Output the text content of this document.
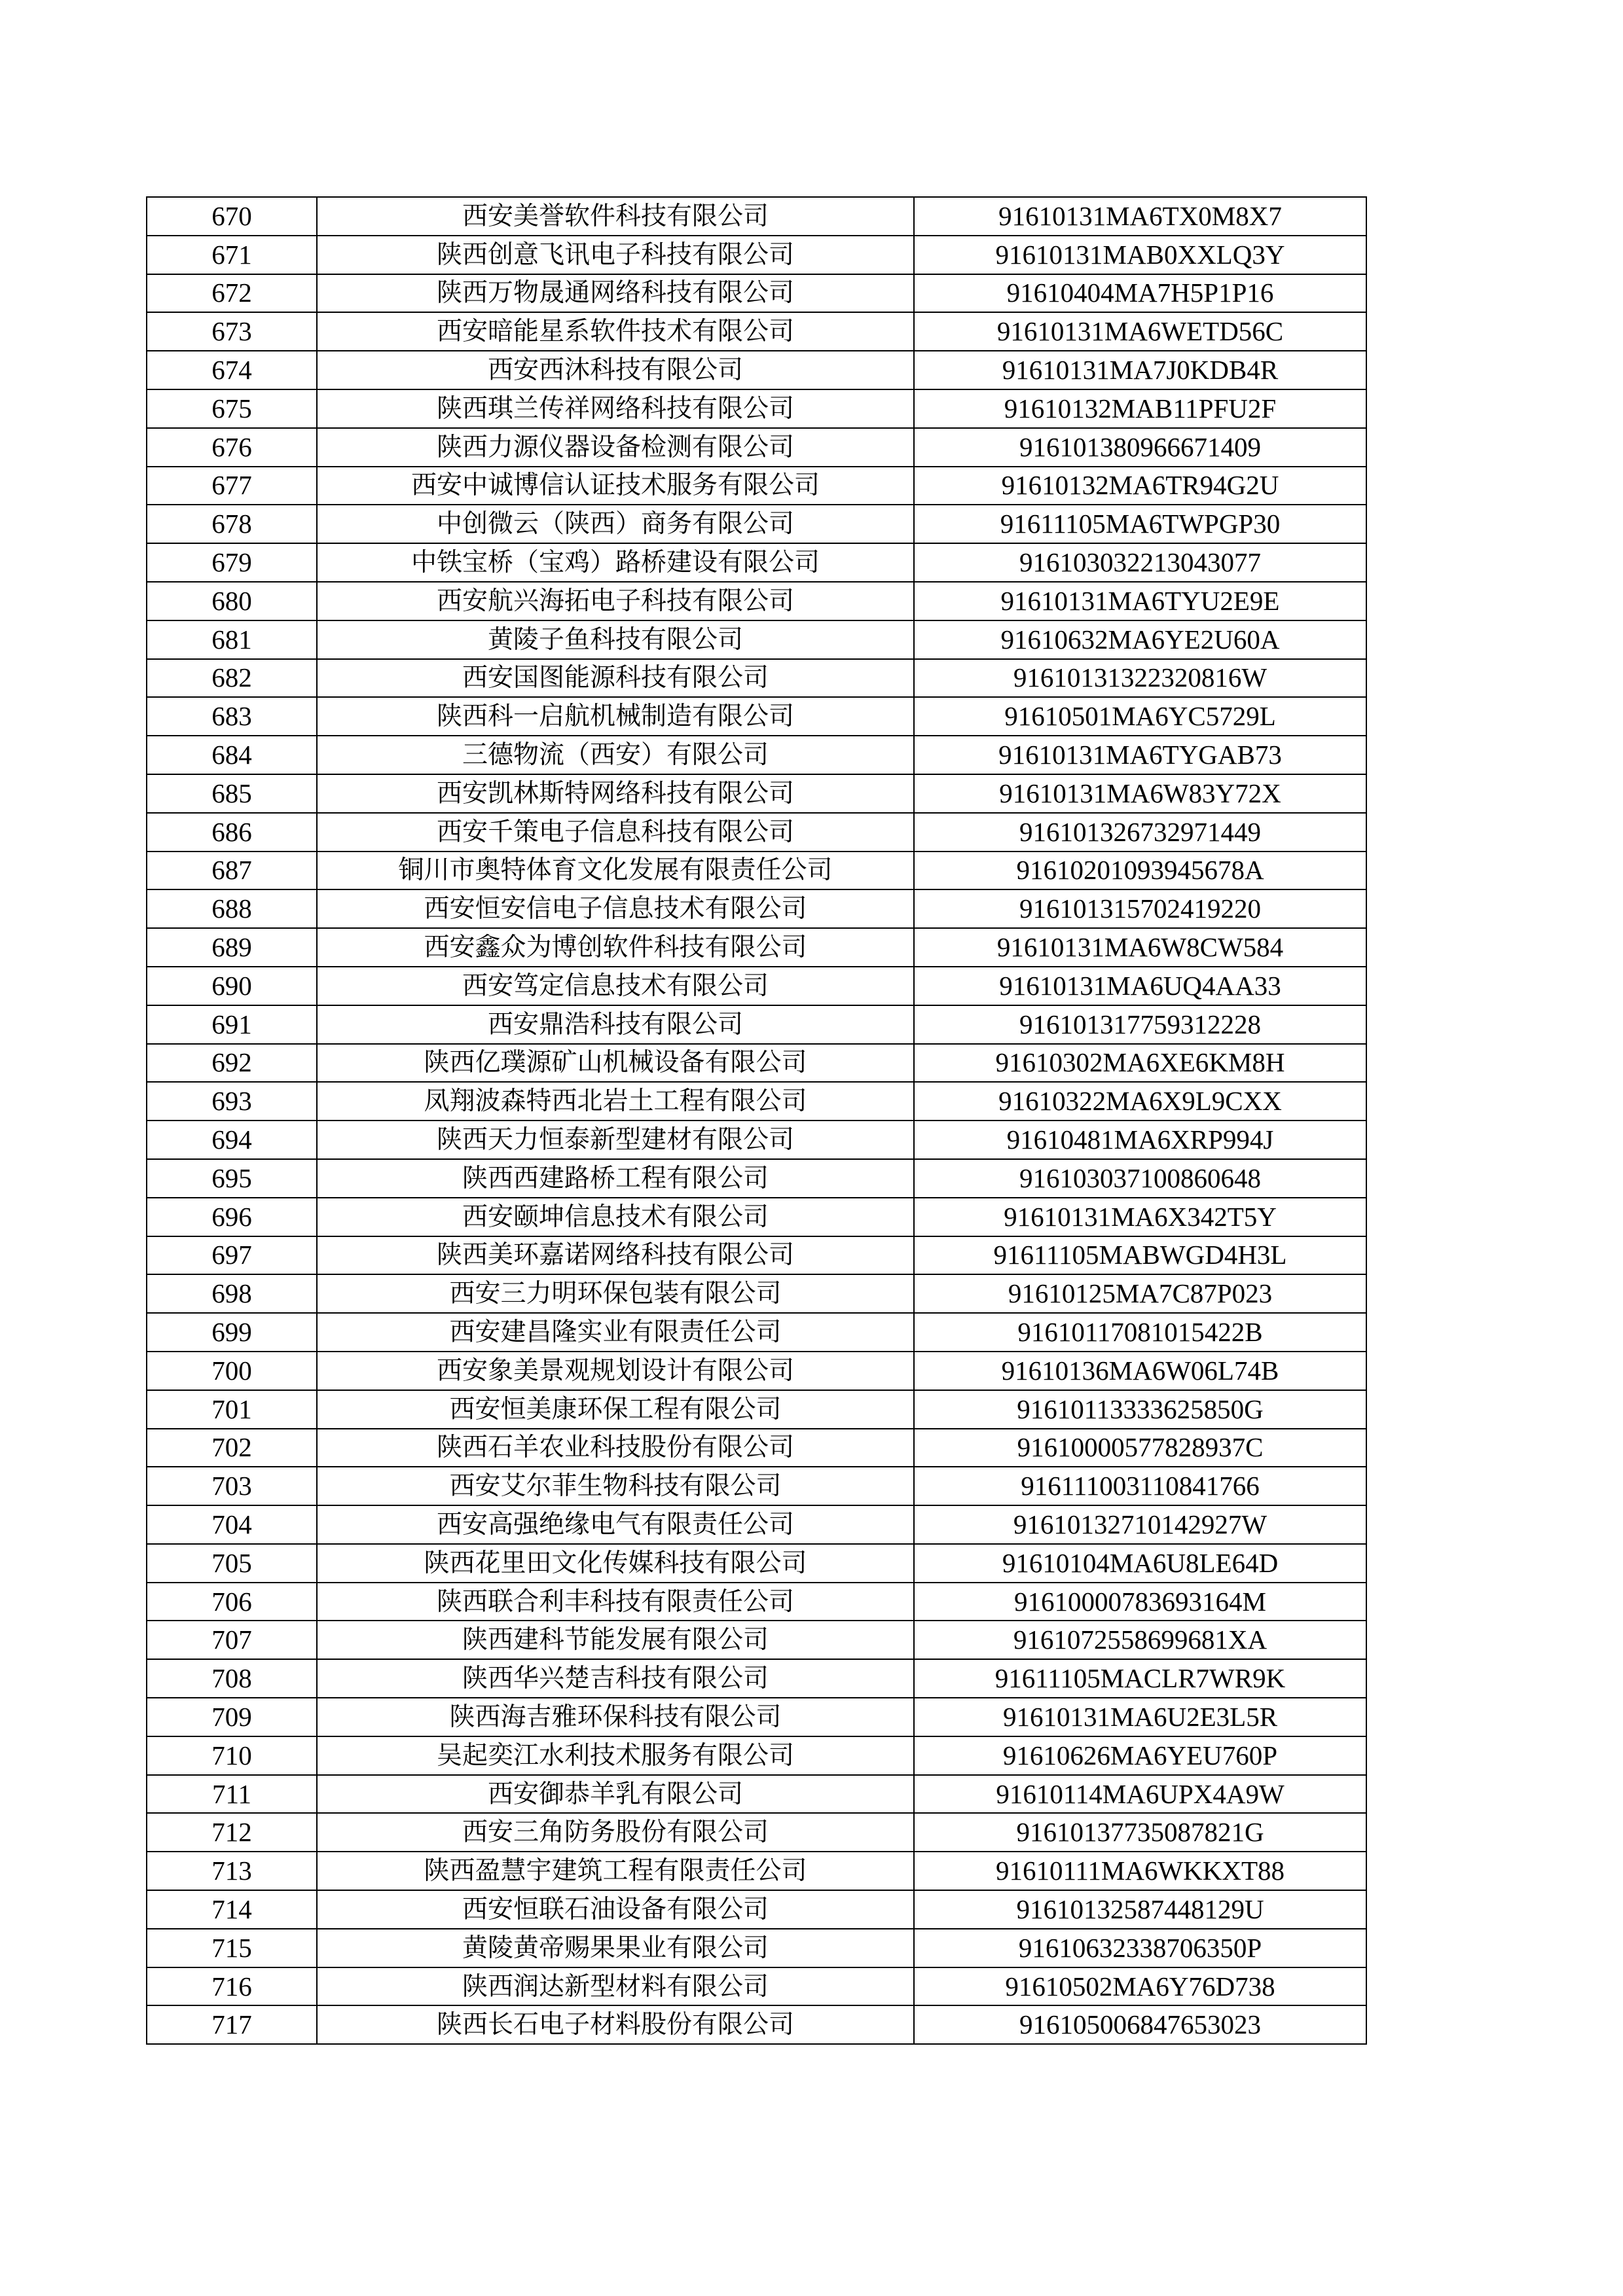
670	西安美誉软件科技有限公司	91610131MA6TX0M8X7
671	陕西创意飞讯电子科技有限公司	91610131MAB0XXLQ3Y
672	陕西万物晟通网络科技有限公司	91610404MA7H5P1P16
673	西安暗能星系软件技术有限公司	91610131MA6WETD56C
674	西安西沐科技有限公司	91610131MA7J0KDB4R
675	陕西琪兰传祥网络科技有限公司	91610132MAB11PFU2F
676	陕西力源仪器设备检测有限公司	916101380966671409
677	西安中诚博信认证技术服务有限公司	91610132MA6TR94G2U
678	中创微云（陕西）商务有限公司	91611105MA6TWPGP30
679	中铁宝桥（宝鸡）路桥建设有限公司	916103032213043077
680	西安航兴海拓电子科技有限公司	91610131MA6TYU2E9E
681	黄陵子鱼科技有限公司	91610632MA6YE2U60A
682	西安国图能源科技有限公司	91610131322320816W
683	陕西科一启航机械制造有限公司	91610501MA6YC5729L
684	三德物流（西安）有限公司	91610131MA6TYGAB73
685	西安凯林斯特网络科技有限公司	91610131MA6W83Y72X
686	西安千策电子信息科技有限公司	916101326732971449
687	铜川市奥特体育文化发展有限责任公司	91610201093945678A
688	西安恒安信电子信息技术有限公司	916101315702419220
689	西安鑫众为博创软件科技有限公司	91610131MA6W8CW584
690	西安笃定信息技术有限公司	91610131MA6UQ4AA33
691	西安鼎浩科技有限公司	916101317759312228
692	陕西亿璞源矿山机械设备有限公司	91610302MA6XE6KM8H
693	凤翔波森特西北岩土工程有限公司	91610322MA6X9L9CXX
694	陕西天力恒泰新型建材有限公司	91610481MA6XRP994J
695	陕西西建路桥工程有限公司	916103037100860648
696	西安颐坤信息技术有限公司	91610131MA6X342T5Y
697	陕西美环嘉诺网络科技有限公司	91611105MABWGD4H3L
698	西安三力明环保包装有限公司	91610125MA7C87P023
699	西安建昌隆实业有限责任公司	91610117081015422B
700	西安象美景观规划设计有限公司	91610136MA6W06L74B
701	西安恒美康环保工程有限公司	91610113333625850G
702	陕西石羊农业科技股份有限公司	91610000577828937C
703	西安艾尔菲生物科技有限公司	916111003110841766
704	西安高强绝缘电气有限责任公司	91610132710142927W
705	陕西花里田文化传媒科技有限公司	91610104MA6U8LE64D
706	陕西联合利丰科技有限责任公司	91610000783693164M
707	陕西建科节能发展有限公司	9161072558699681XA
708	陕西华兴楚吉科技有限公司	91611105MACLR7WR9K
709	陕西海吉雅环保科技有限公司	91610131MA6U2E3L5R
710	吴起奕江水利技术服务有限公司	91610626MA6YEU760P
711	西安御恭羊乳有限公司	91610114MA6UPX4A9W
712	西安三角防务股份有限公司	91610137735087821G
713	陕西盈慧宇建筑工程有限责任公司	91610111MA6WKKXT88
714	西安恒联石油设备有限公司	91610132587448129U
715	黄陵黄帝赐果果业有限公司	91610632338706350P
716	陕西润达新型材料有限公司	91610502MA6Y76D738
717	陕西长石电子材料股份有限公司	916105006847653023
